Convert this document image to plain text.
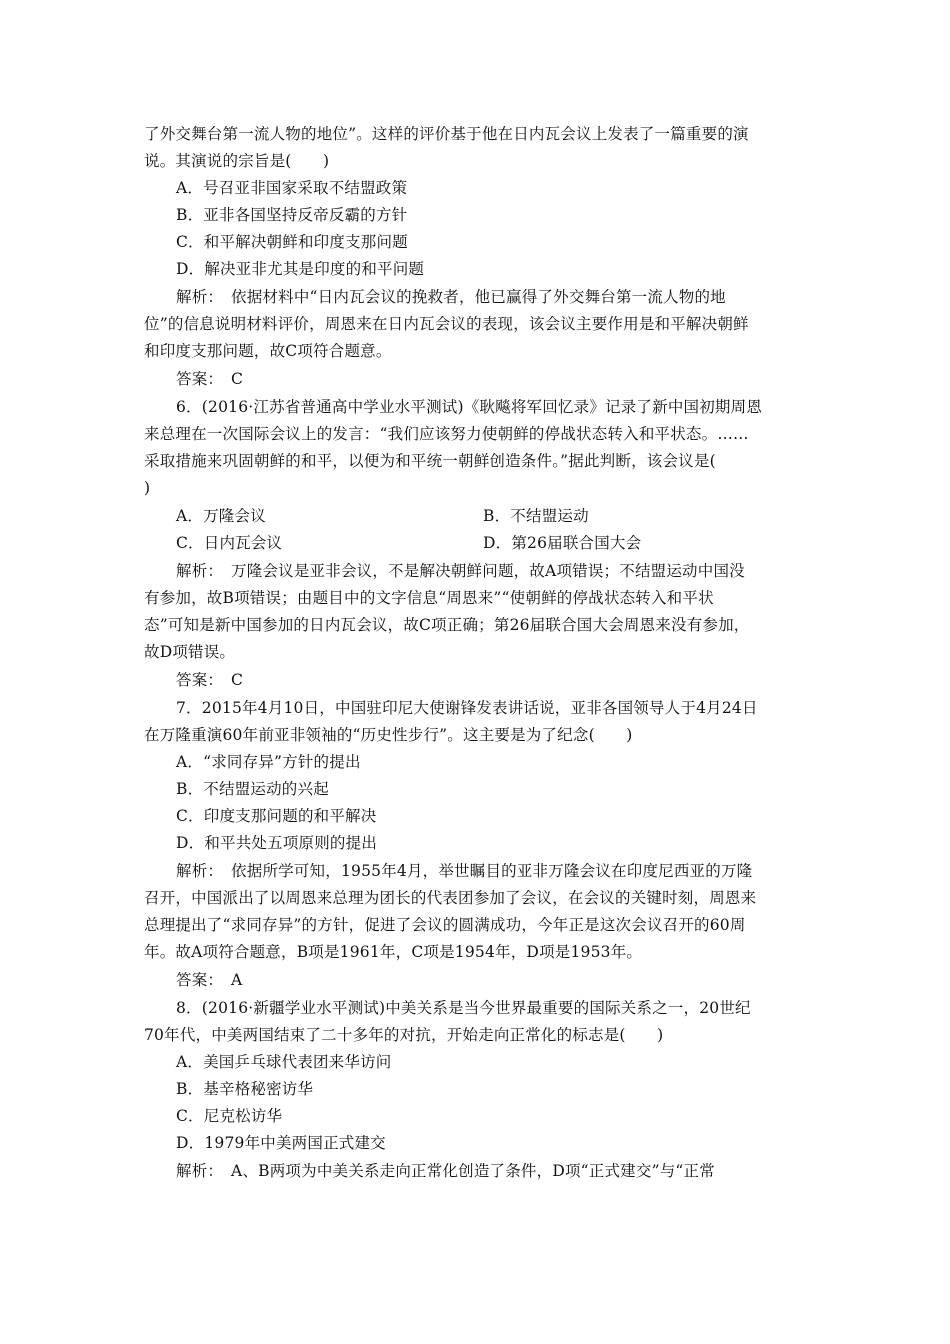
了外交舞台第一流人物的地位”。这样的评价基于他在日内瓦会议上发表了一篇重要的演
说。其演说的宗旨是(　　)
A．号召亚非国家采取不结盟政策
B．亚非各国坚持反帝反霸的方针
C．和平解决朝鲜和印度支那问题
D．解决亚非尤其是印度的和平问题
解析：　依据材料中“日内瓦会议的挽救者，他已赢得了外交舞台第一流人物的地
位”的信息说明材料评价，周恩来在日内瓦会议的表现，该会议主要作用是和平解决朝鲜
和印度支那问题，故C项符合题意。
答案：　C
6．(2016·江苏省普通高中学业水平测试)《耿飚将军回忆录》记录了新中国初期周恩
来总理在一次国际会议上的发言：“我们应该努力使朝鲜的停战状态转入和平状态。……
采取措施来巩固朝鲜的和平，以便为和平统一朝鲜创造条件。”据此判断，该会议是(
)
A．万隆会议	B．不结盟运动
C．日内瓦会议	D．第26届联合国大会
解析：　万隆会议是亚非会议，不是解决朝鲜问题，故A项错误；不结盟运动中国没
有参加，故B项错误；由题目中的文字信息“周恩来”“使朝鲜的停战状态转入和平状
态”可知是新中国参加的日内瓦会议，故C项正确；第26届联合国大会周恩来没有参加，
故D项错误。
答案：　C
7．2015年4月10日，中国驻印尼大使谢锋发表讲话说，亚非各国领导人于4月24日
在万隆重演60年前亚非领袖的“历史性步行”。这主要是为了纪念(　　)
A．“求同存异”方针的提出
B．不结盟运动的兴起
C．印度支那问题的和平解决
D．和平共处五项原则的提出
解析：　依据所学可知，1955年4月，举世瞩目的亚非万隆会议在印度尼西亚的万隆
召开，中国派出了以周恩来总理为团长的代表团参加了会议，在会议的关键时刻，周恩来
总理提出了“求同存异”的方针，促进了会议的圆满成功，今年正是这次会议召开的60周
年。故A项符合题意，B项是1961年，C项是1954年，D项是1953年。
答案：　A
8．(2016·新疆学业水平测试)中美关系是当今世界最重要的国际关系之一，20世纪
70年代，中美两国结束了二十多年的对抗，开始走向正常化的标志是(　　)
A．美国乒乓球代表团来华访问
B．基辛格秘密访华
C．尼克松访华
D．1979年中美两国正式建交
解析：　A、B两项为中美关系走向正常化创造了条件，D项“正式建交”与“正常
